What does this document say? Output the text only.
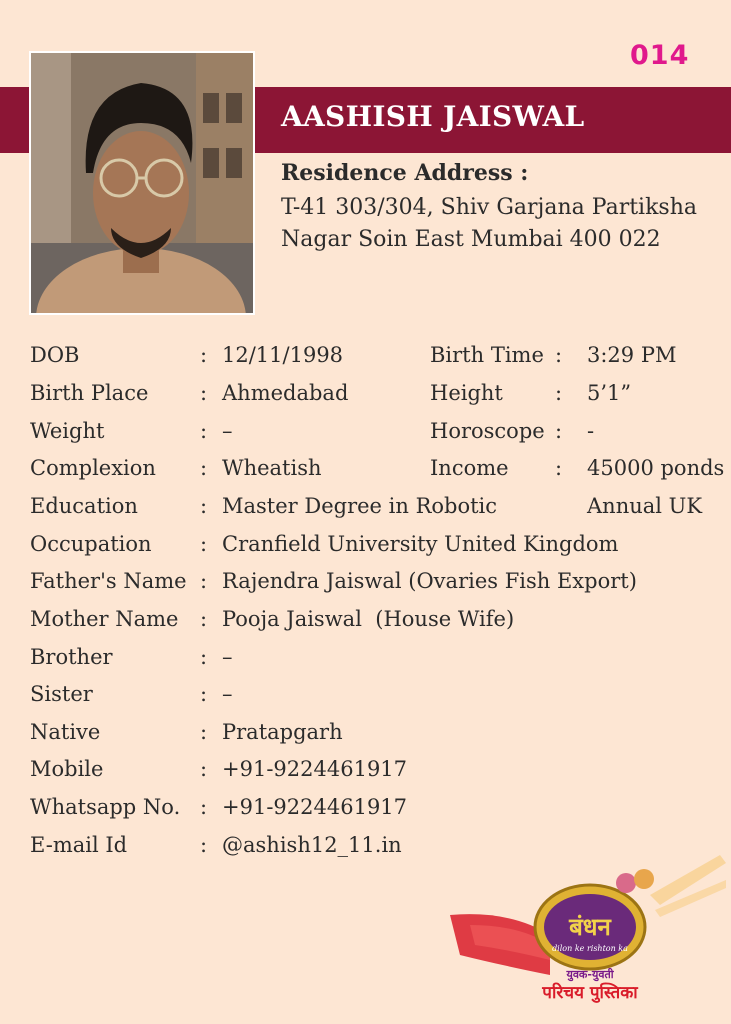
014
AASHISH JAISWAL
Residence Address :
T-41 303/304, Shiv Garjana Partiksha
Nagar Soin East Mumbai 400 022
DOB	: 12/11/1998	Birth Time : 3:29 PM
Birth Place : Ahmedabad	Height : 5’1”
Weight	: –	Horoscope : -
Complexion : Wheatish	Income : 45000 ponds
Education	: Master Degree in Robotic	Annual UK
Occupation : Cranfield University United Kingdom
Father's Name : Rajendra Jaiswal (Ovaries Fish Export)
Mother Name : Pooja Jaiswal  (House Wife)
Brother	: –
Sister	: –
Native	: Pratapgarh
Mobile	: +91-9224461917
Whatsapp No. : +91-9224461917
E-mail Id	: @ashish12_11.in
बंधन
dilon ke rishton ka
युवक-युवती
परिचय पुस्तिका
